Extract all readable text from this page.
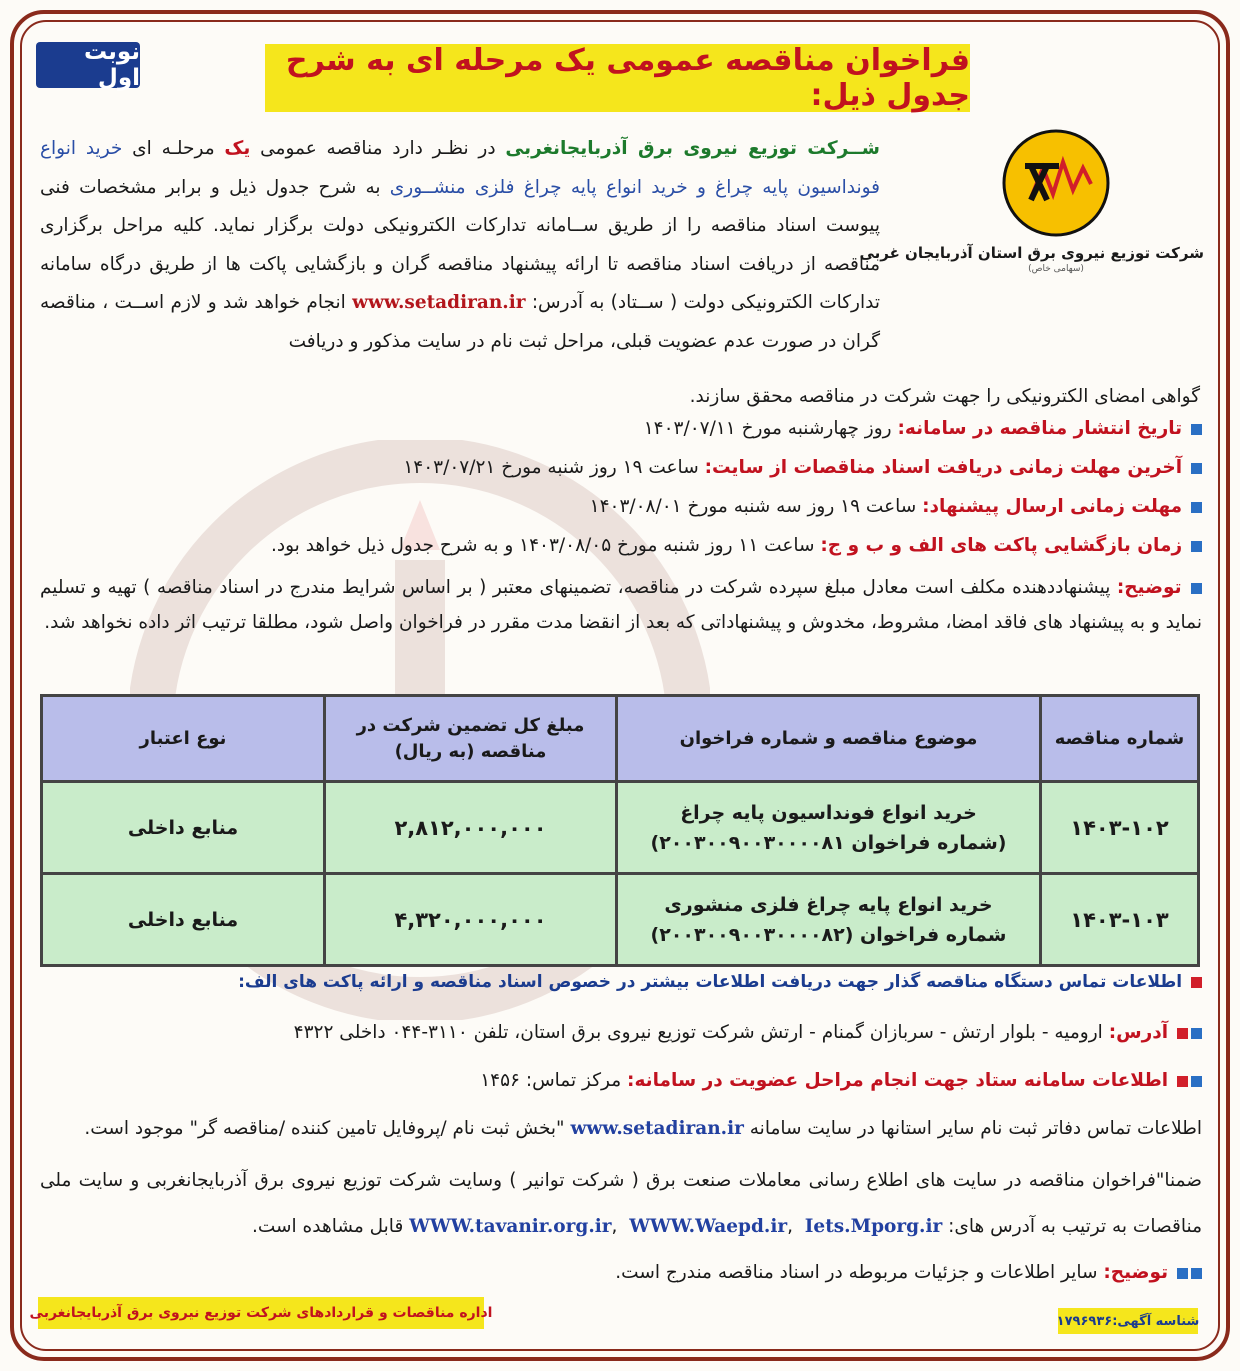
نوبت اول	فراخوان مناقصه عمومی یک مرحله ای به شرح جدول ذیل:
شرکت توزیع نیروی برق استان آذربایجان غربی
(سهامی خاص)
شــرکت توزیع نیروی برق آذربایجانغربی در نظـر دارد مناقصه عمومی یک مرحلـه ای خرید انواع فونداسیون پایه چراغ و خرید انواع پایه چراغ فلزی منشــوری به شرح جدول ذیل و برابر مشخصات فنی پیوست اسناد مناقصه را از طریق ســامانه تدارکات الکترونیکی دولت برگزار نماید. کلیه مراحل برگزاری مناقصه از دریافت اسناد مناقصه تا ارائه پیشنهاد مناقصه گران و بازگشایی پاکت ها از طریق درگاه سامانه تدارکات الکترونیکی دولت ( ســتاد) به آدرس: www.setadiran.ir انجام خواهد شد و لازم اســت ، مناقصه گران در صورت عدم عضویت قبلی، مراحل ثبت نام در سایت مذکور و دریافت
گواهی امضای الکترونیکی را جهت شرکت در مناقصه محقق سازند.
تاریخ انتشار مناقصه در سامانه: روز چهارشنبه مورخ ۱۴۰۳/۰۷/۱۱
آخرین مهلت زمانی دریافت اسناد مناقصات از سایت: ساعت ۱۹ روز شنبه مورخ ۱۴۰۳/۰۷/۲۱
مهلت زمانی ارسال پیشنهاد: ساعت ۱۹ روز سه شنبه مورخ ۱۴۰۳/۰۸/۰۱
زمان بازگشایی پاکت های الف و ب و ج: ساعت ۱۱ روز شنبه مورخ ۱۴۰۳/۰۸/۰۵ و به شرح جدول ذیل خواهد بود.
توضیح: پیشنهاددهنده مکلف است معادل مبلغ سپرده شرکت در مناقصه، تضمینهای معتبر ( بر اساس شرایط مندرج در اسناد مناقصه ) تهیه و تسلیم نماید و به پیشنهاد های فاقد امضا، مشروط، مخدوش و پیشنهاداتی که بعد از انقضا مدت مقرر در فراخوان واصل شود، مطلقا ترتیب اثر داده نخواهد شد.
شماره مناقصه	موضوع مناقصه و شماره فراخوان	مبلغ کل تضمین شرکت در مناقصه (به ریال)	نوع اعتبار
۱۴۰۳-۱۰۲	خرید انواع فونداسیون پایه چراغ
(شماره فراخوان ۲۰۰۳۰۰۹۰۰۳۰۰۰۰۸۱)	۲,۸۱۲,۰۰۰,۰۰۰	منابع داخلی
۱۴۰۳-۱۰۳	خرید انواع پایه چراغ فلزی منشوری
شماره فراخوان (۲۰۰۳۰۰۹۰۰۳۰۰۰۰۸۲)	۴,۳۲۰,۰۰۰,۰۰۰	منابع داخلی
اطلاعات تماس دستگاه مناقصه گذار جهت دریافت اطلاعات بیشتر در خصوص اسناد مناقصه و ارائه پاکت های الف:
آدرس: ارومیه - بلوار ارتش - سربازان گمنام - ارتش شرکت توزیع نیروی برق استان، تلفن ۳۱۱۰-۰۴۴ داخلی ۴۳۲۲
اطلاعات سامانه ستاد جهت انجام مراحل عضویت در سامانه: مرکز تماس: ۱۴۵۶
اطلاعات تماس دفاتر ثبت نام سایر استانها در سایت سامانه www.setadiran.ir "بخش ثبت نام /پروفایل تامین کننده /مناقصه گر" موجود است.
ضمنا"فراخوان مناقصه در سایت های اطلاع رسانی معاملات صنعت برق ( شرکت توانیر ) وسایت شرکت توزیع نیروی برق آذربایجانغربی و سایت ملی مناقصات به ترتیب به آدرس های: WWW.tavanir.org.ir,  WWW.Waepd.ir,  Iets.Mporg.ir قابل مشاهده است.
توضیح: سایر اطلاعات و جزئیات مربوطه در اسناد مناقصه مندرج است.
اداره مناقصات و قراردادهای شرکت توزیع نیروی برق آذربایجانغربی	شناسه آگهی:۱۷۹۶۹۳۶
